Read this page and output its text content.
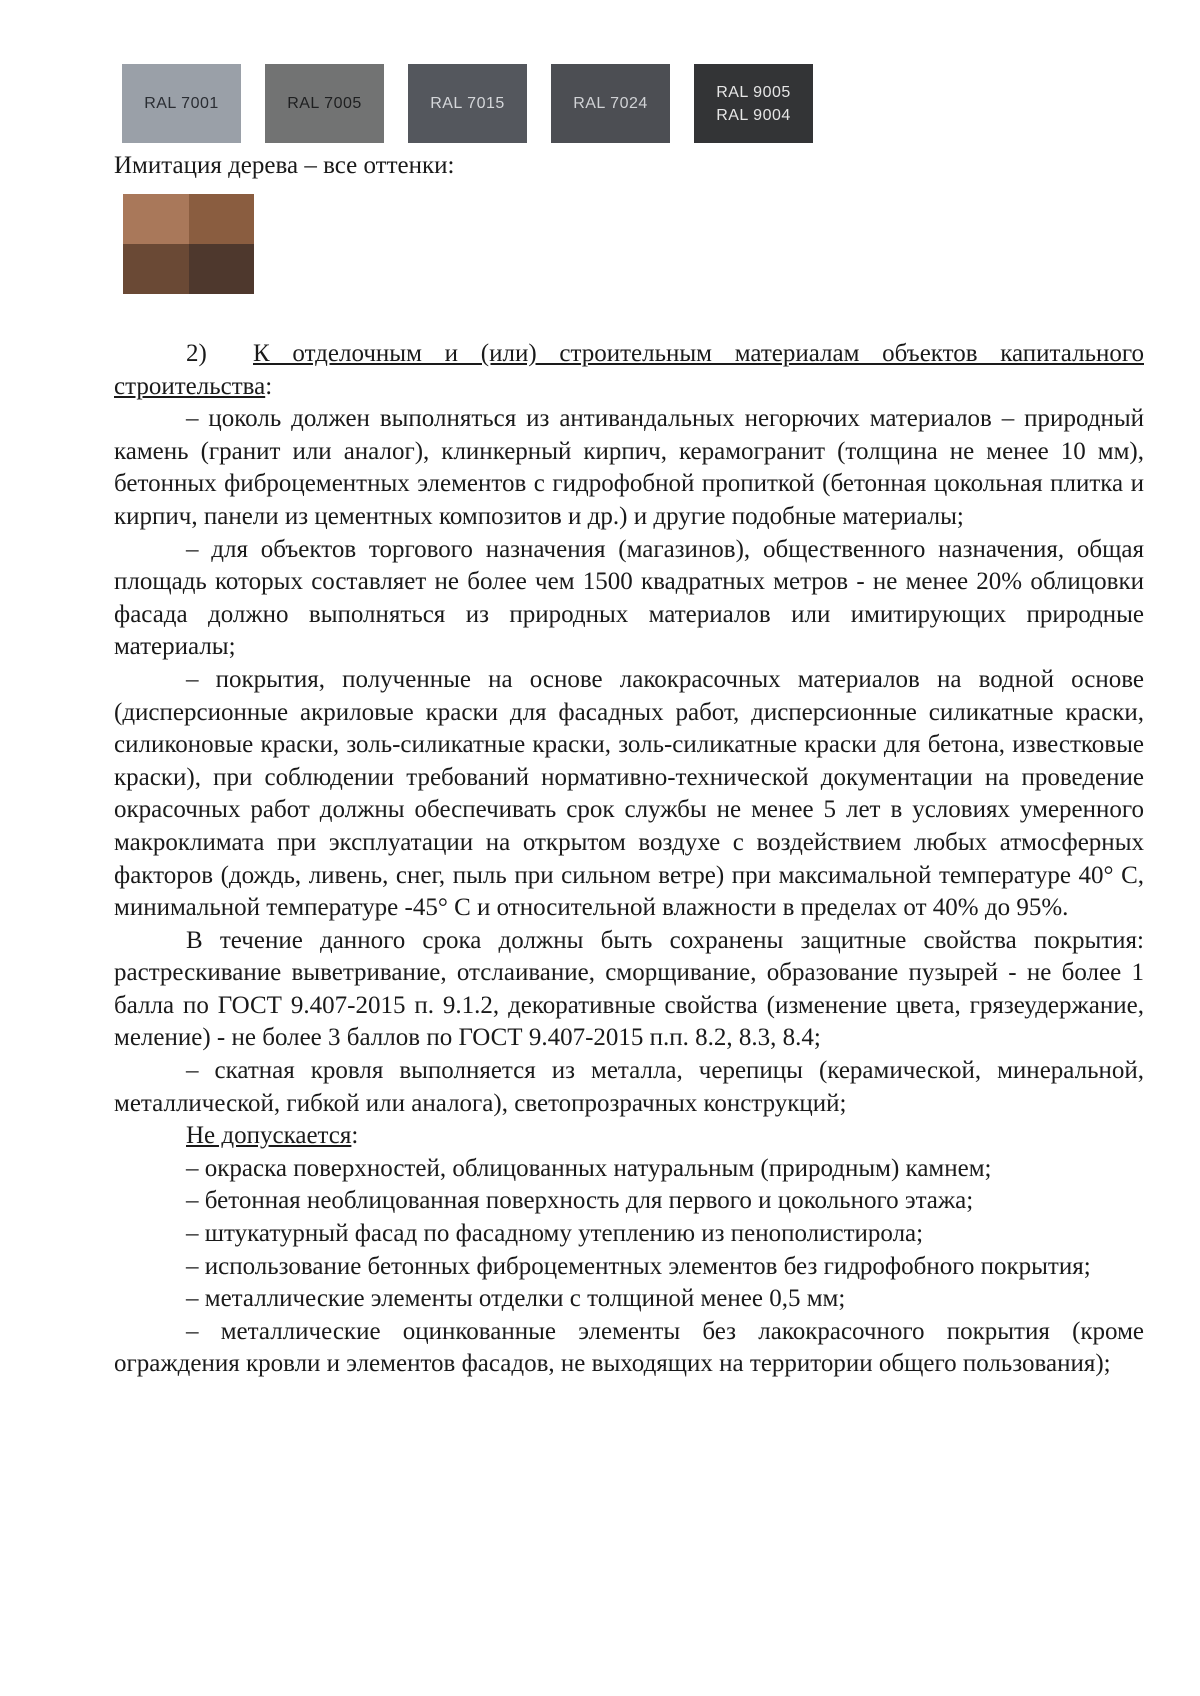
RAL 7001	RAL 7005	RAL 7015	RAL 7024
RAL 9005
RAL 9004
Имитация дерева – все оттенки:

2) К отделочным и (или) строительным материалам объектов капитального строительства:

– цоколь должен выполняться из антивандальных негорючих материалов – природный камень (гранит или аналог), клинкерный кирпич, керамогранит (толщина не менее 10 мм), бетонных фиброцементных элементов с гидрофобной пропиткой (бетонная цокольная плитка и кирпич, панели из цементных композитов и др.) и другие подобные материалы;

– для объектов торгового назначения (магазинов), общественного назначения, общая площадь которых составляет не более чем 1500 квадратных метров - не менее 20% облицовки фасада должно выполняться из природных материалов или имитирующих природные материалы;

– покрытия, полученные на основе лакокрасочных материалов на водной основе (дисперсионные акриловые краски для фасадных работ, дисперсионные силикатные краски, силиконовые краски, золь-силикатные краски, золь-силикатные краски для бетона, известковые краски), при соблюдении требований нормативно-технической документации на проведение окрасочных работ должны обеспечивать срок службы не менее 5 лет в условиях умеренного макроклимата при эксплуатации на открытом воздухе с воздействием любых атмосферных факторов (дождь, ливень, снег, пыль при сильном ветре) при максимальной температуре 40° С, минимальной температуре -45° С и относительной влажности в пределах от 40% до 95%.

В течение данного срока должны быть сохранены защитные свойства покрытия: растрескивание выветривание, отслаивание, сморщивание, образование пузырей - не более 1 балла по ГОСТ 9.407-2015 п. 9.1.2, декоративные свойства (изменение цвета, грязеудержание, меление) - не более 3 баллов по ГОСТ 9.407-2015 п.п. 8.2, 8.3, 8.4;

– скатная кровля выполняется из металла, черепицы (керамической, минеральной, металлической, гибкой или аналога), светопрозрачных конструкций;

Не допускается:

– окраска поверхностей, облицованных натуральным (природным) камнем;

– бетонная необлицованная поверхность для первого и цокольного этажа;

– штукатурный фасад по фасадному утеплению из пенополистирола;

– использование бетонных фиброцементных элементов без гидрофобного покрытия;

– металлические элементы отделки с толщиной менее 0,5 мм;

– металлические оцинкованные элементы без лакокрасочного покрытия (кроме ограждения кровли и элементов фасадов, не выходящих на территории общего пользования);
